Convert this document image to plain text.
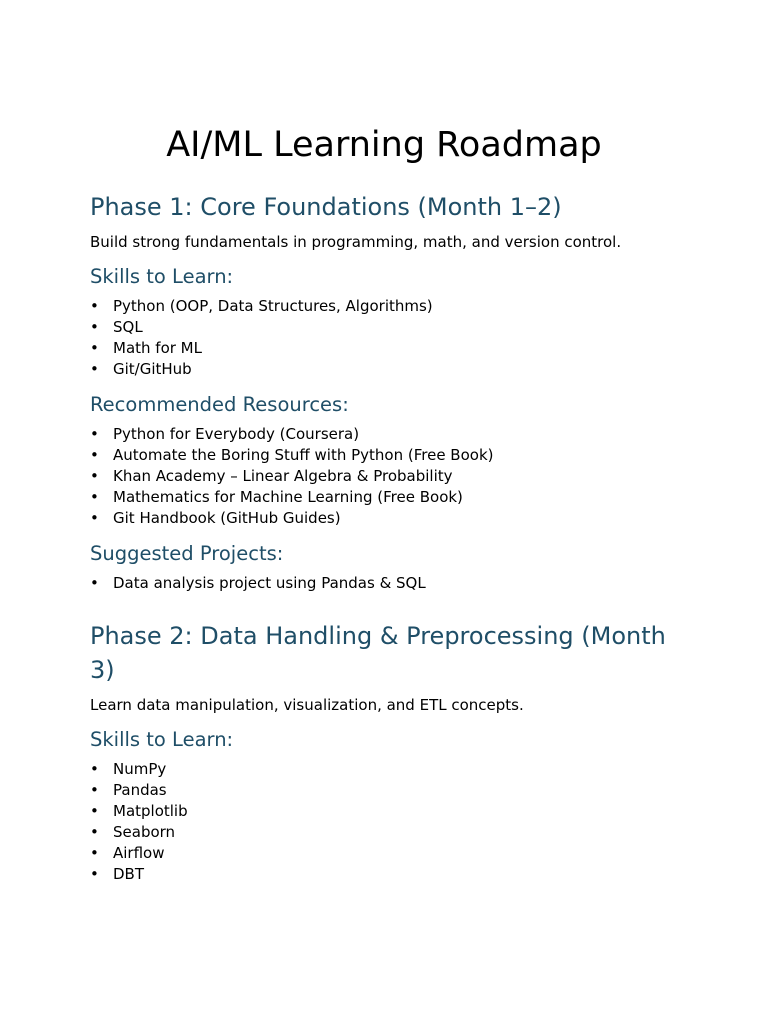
AI/ML Learning Roadmap
Phase 1: Core Foundations (Month 1–2)

Build strong fundamentals in programming, math, and version control.

Skills to Learn:
• Python (OOP, Data Structures, Algorithms)
• SQL
• Math for ML
• Git/GitHub
Recommended Resources:
• Python for Everybody (Coursera)
• Automate the Boring Stuff with Python (Free Book)
• Khan Academy – Linear Algebra & Probability
• Mathematics for Machine Learning (Free Book)
• Git Handbook (GitHub Guides)
Suggested Projects:
• Data analysis project using Pandas & SQL
Phase 2: Data Handling & Preprocessing (Month 3)

Learn data manipulation, visualization, and ETL concepts.

Skills to Learn:
• NumPy
• Pandas
• Matplotlib
• Seaborn
• Airflow
• DBT
